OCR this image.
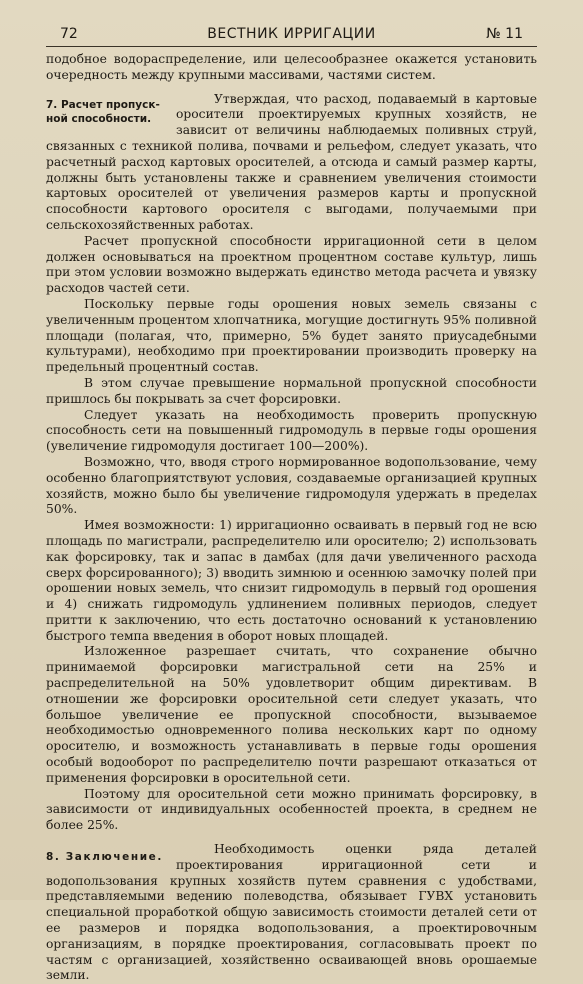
72	ВЕСТНИК ИРРИГАЦИИ	№ 11

подобное водораспределение, или целесообразнее окажется установить очередность между крупными массивами, частями систем.

7. Расчет пропуск- ной способности.

Утверждая, что расход, подаваемый в картовые оросители проектируемых крупных хозяйств, не зависит от величины наблюдаемых поливных струй, связанных с техникой полива, почвами и рельефом, следует указать, что расчетный расход картовых оросителей, а отсюда и самый размер карты, должны быть установлены также и сравнением увеличения стоимости картовых оросителей от увеличения размеров карты и пропускной способности картового оросителя с выгодами, получаемыми при сельскохозяйственных работах.

Расчет пропускной способности ирригационной сети в целом должен основываться на проектном процентном составе культур, лишь при этом условии возможно выдержать единство метода расчета и увязку расходов частей сети.

Поскольку первые годы орошения новых земель связаны с увеличенным процентом хлопчатника, могущие достигнуть 95% поливной площади (полагая, что, примерно, 5% будет занято приусадебными культурами), необходимо при проектировании производить проверку на предельный процентный состав.

В этом случае превышение нормальной пропускной способности пришлось бы покрывать за счет форсировки.

Следует указать на необходимость проверить пропускную способность сети на повышенный гидромодуль в первые годы орошения (увеличение гидромодуля достигает 100—200%).

Возможно, что, вводя строго нормированное водопользование, чему особенно благоприятствуют условия, создаваемые организацией крупных хозяйств, можно было бы увеличение гидромодуля удержать в пределах 50%.

Имея возможности: 1) ирригационно осваивать в первый год не всю площадь по магистрали, распределителю или оросителю; 2) использовать как форсировку, так и запас в дамбах (для дачи увеличенного расхода сверх форсированного); 3) вводить зимнюю и осеннюю замочку полей при орошении новых земель, что снизит гидромодуль в первый год орошения и 4) снижать гидромодуль удлинением поливных периодов, следует притти к заключению, что есть достаточно оснований к установлению быстрого темпа введения в оборот новых площадей.

Изложенное разрешает считать, что сохранение обычно принимаемой форсировки магистральной сети на 25% и распределительной на 50% удовлетворит общим директивам. В отношении же форсировки оросительной сети следует указать, что большое увеличение ее пропускной способности, вызываемое необходимостью одновременного полива нескольких карт по одному оросителю, и возможность устанавливать в первые годы орошения особый водооборот по распределителю почти разрешают отказаться от применения форсировки в оросительной сети.

Поэтому для оросительной сети можно принимать форсировку, в зависимости от индивидуальных особенностей проекта, в среднем не более 25%.

8. Заключение.

Необходимость оценки ряда деталей проектирования ирригационной сети и водопользования крупных хозяйств путем сравнения с удобствами, представляемыми ведению полеводства, обязывает ГУВХ установить специальной проработкой общую зависимость стоимости деталей сети от ее размеров и порядка водопользования, а проектировочным организациям, в порядке проектирования, согласовывать проект по частям с организацией, хозяйственно осваивающей вновь орошаемые земли.
